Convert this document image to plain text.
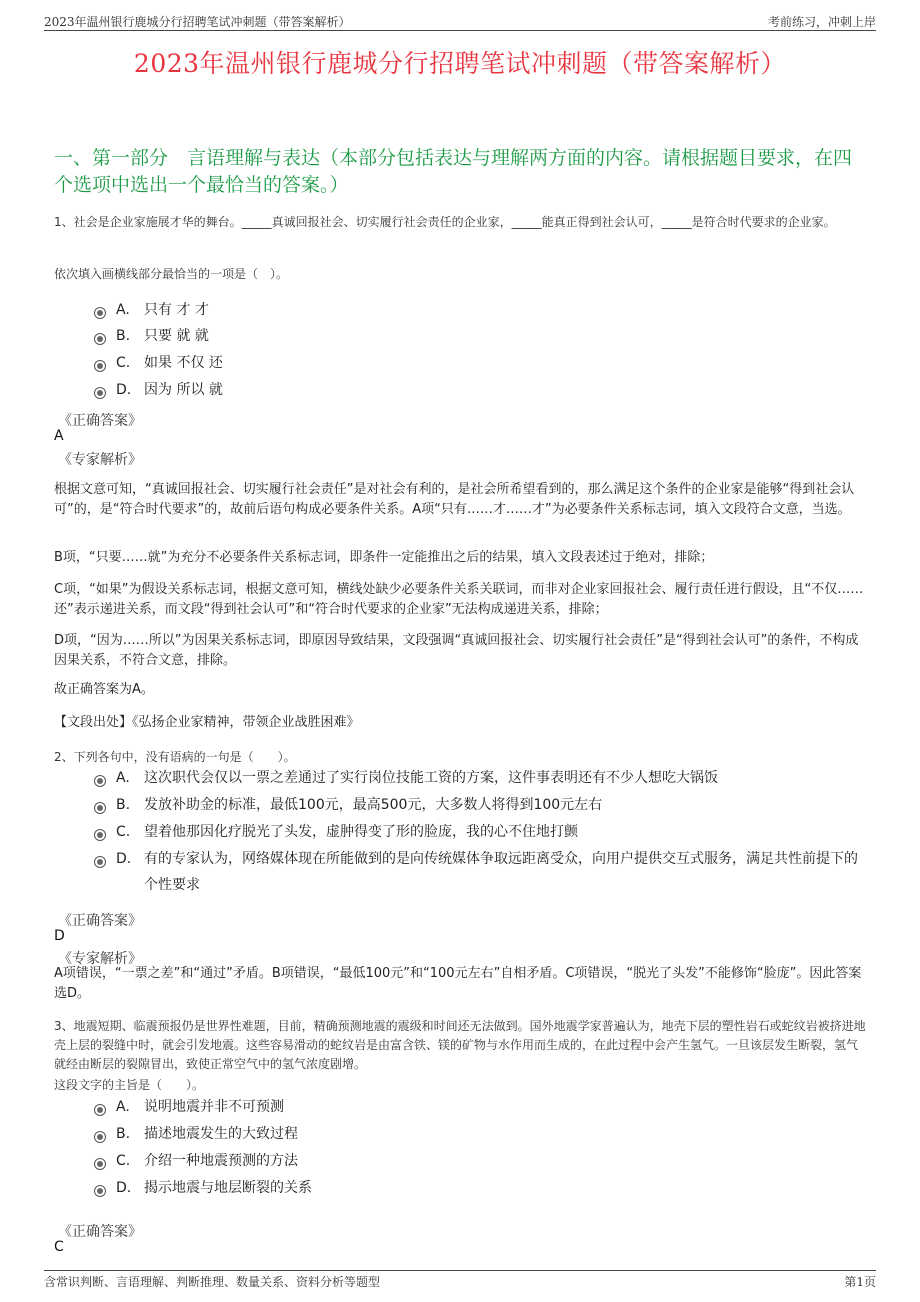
2023年温州银行鹿城分行招聘笔试冲刺题（带答案解析）	考前练习，冲刺上岸
2023年温州银行鹿城分行招聘笔试冲刺题（带答案解析）
一、第一部分　言语理解与表达（本部分包括表达与理解两方面的内容。请根据题目要求，在四个选项中选出一个最恰当的答案。）
1、社会是企业家施展才华的舞台。_____真诚回报社会、切实履行社会责任的企业家，_____能真正得到社会认可，_____是符合时代要求的企业家。
依次填入画横线部分最恰当的一项是（　）。
A.	只有 才 才
B. 只要 就 就
C. 如果 不仅 还
D. 因为 所以 就
《正确答案》
A
《专家解析》
根据文意可知，“真诚回报社会、切实履行社会责任”是对社会有利的，是社会所希望看到的，那么满足这个条件的企业家是能够“得到社会认可”的，是“符合时代要求”的，故前后语句构成必要条件关系。A项“只有……才……才”为必要条件关系标志词，填入文段符合文意，当选。
B项，“只要……就”为充分不必要条件关系标志词，即条件一定能推出之后的结果，填入文段表述过于绝对，排除；
C项，“如果”为假设关系标志词，根据文意可知，横线处缺少必要条件关系关联词，而非对企业家回报社会、履行责任进行假设，且“不仅……还”表示递进关系，而文段“得到社会认可”和“符合时代要求的企业家”无法构成递进关系，排除；
D项，“因为……所以”为因果关系标志词，即原因导致结果，文段强调“真诚回报社会、切实履行社会责任”是“得到社会认可”的条件，不构成因果关系，不符合文意，排除。
故正确答案为A。
【文段出处】《弘扬企业家精神，带领企业战胜困难》
2、下列各句中，没有语病的一句是（　　）。
A.	这次职代会仅以一票之差通过了实行岗位技能工资的方案，这件事表明还有不少人想吃大锅饭
B. 发放补助金的标准，最低100元，最高500元，大多数人将得到100元左右
C. 望着他那因化疗脱光了头发，虚肿得变了形的脸庞，我的心不住地打颤
D. 有的专家认为，网络媒体现在所能做到的是向传统媒体争取远距离受众，向用户提供交互式服务，满足共性前提下的个性要求
《正确答案》
D
《专家解析》
A项错误，“一票之差”和“通过”矛盾。B项错误，“最低100元”和“100元左右”自相矛盾。C项错误，“脱光了头发”不能修饰“脸庞”。因此答案选D。
3、地震短期、临震预报仍是世界性难题，目前，精确预测地震的震级和时间还无法做到。国外地震学家普遍认为，地壳下层的塑性岩石或蛇纹岩被挤进地壳上层的裂缝中时，就会引发地震。这些容易滑动的蛇纹岩是由富含铁、镁的矿物与水作用而生成的，在此过程中会产生氢气。一旦该层发生断裂，氢气就经由断层的裂隙冒出，致使正常空气中的氢气浓度剧增。
这段文字的主旨是（　　）。
A.	说明地震并非不可预测
B. 描述地震发生的大致过程
C. 介绍一种地震预测的方法
D. 揭示地震与地层断裂的关系
《正确答案》
C
含常识判断、言语理解、判断推理、数量关系、资料分析等题型	第1页
